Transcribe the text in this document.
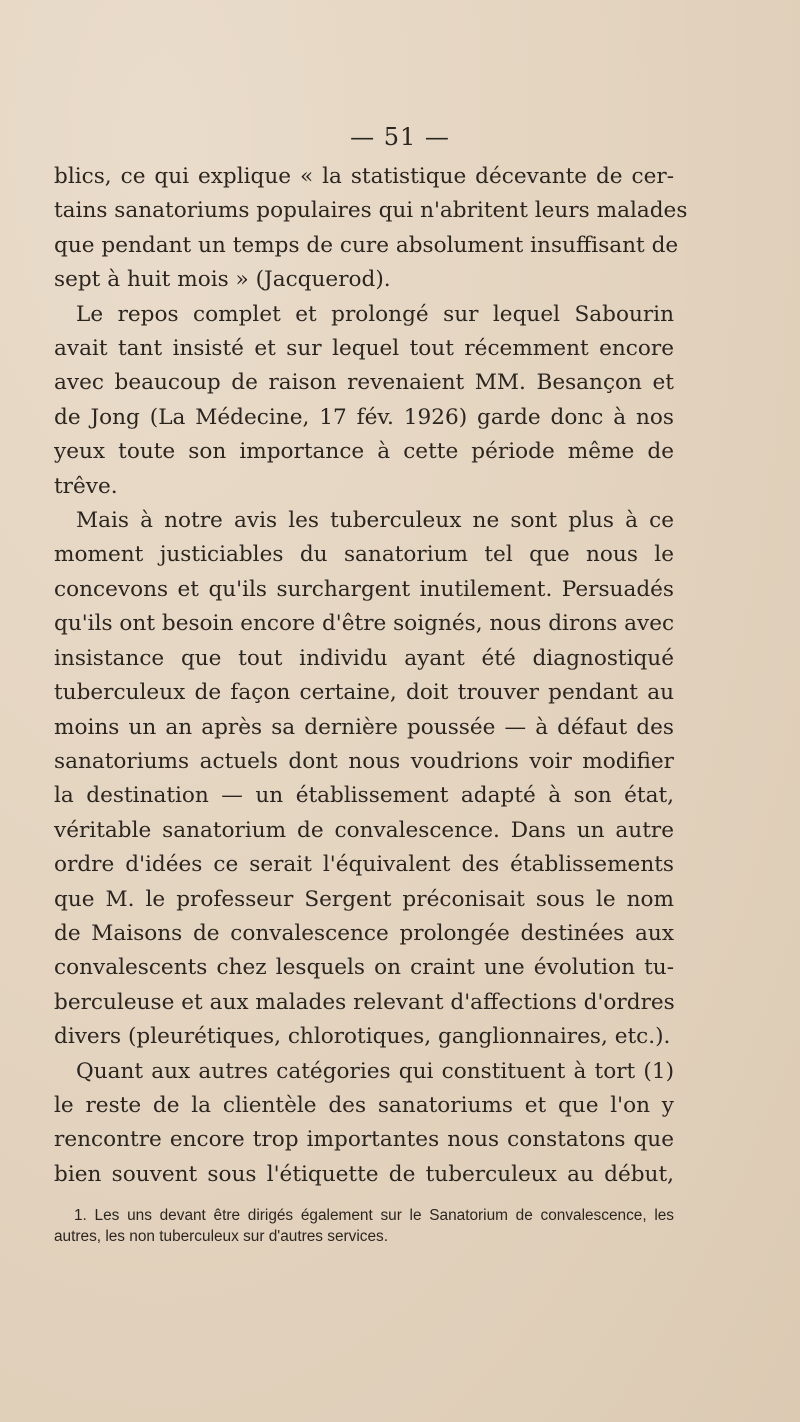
— 51 —
blics, ce qui explique « la statistique décevante de cer-
tains sanatoriums populaires qui n'abritent leurs malades
que pendant un temps de cure absolument insuffisant de
sept à huit mois » (Jacquerod).
Le repos complet et prolongé sur lequel Sabourin
avait tant insisté et sur lequel tout récemment encore
avec beaucoup de raison revenaient MM. Besançon et
de Jong (La Médecine, 17 fév. 1926) garde donc à nos
yeux toute son importance à cette période même de
trêve.
Mais à notre avis les tuberculeux ne sont plus à ce
moment justiciables du sanatorium tel que nous le
concevons et qu'ils surchargent inutilement. Persuadés
qu'ils ont besoin encore d'être soignés, nous dirons avec
insistance que tout individu ayant été diagnostiqué
tuberculeux de façon certaine, doit trouver pendant au
moins un an après sa dernière poussée — à défaut des
sanatoriums actuels dont nous voudrions voir modifier
la destination — un établissement adapté à son état,
véritable sanatorium de convalescence. Dans un autre
ordre d'idées ce serait l'équivalent des établissements
que M. le professeur Sergent préconisait sous le nom
de Maisons de convalescence prolongée destinées aux
convalescents chez lesquels on craint une évolution tu-
berculeuse et aux malades relevant d'affections d'ordres
divers (pleurétiques, chlorotiques, ganglionnaires, etc.).
Quant aux autres catégories qui constituent à tort (1)
le reste de la clientèle des sanatoriums et que l'on y
rencontre encore trop importantes nous constatons que
bien souvent sous l'étiquette de tuberculeux au début,
1. Les uns devant être dirigés également sur le Sanatorium de convalescence, les
autres, les non tuberculeux sur d'autres services.
